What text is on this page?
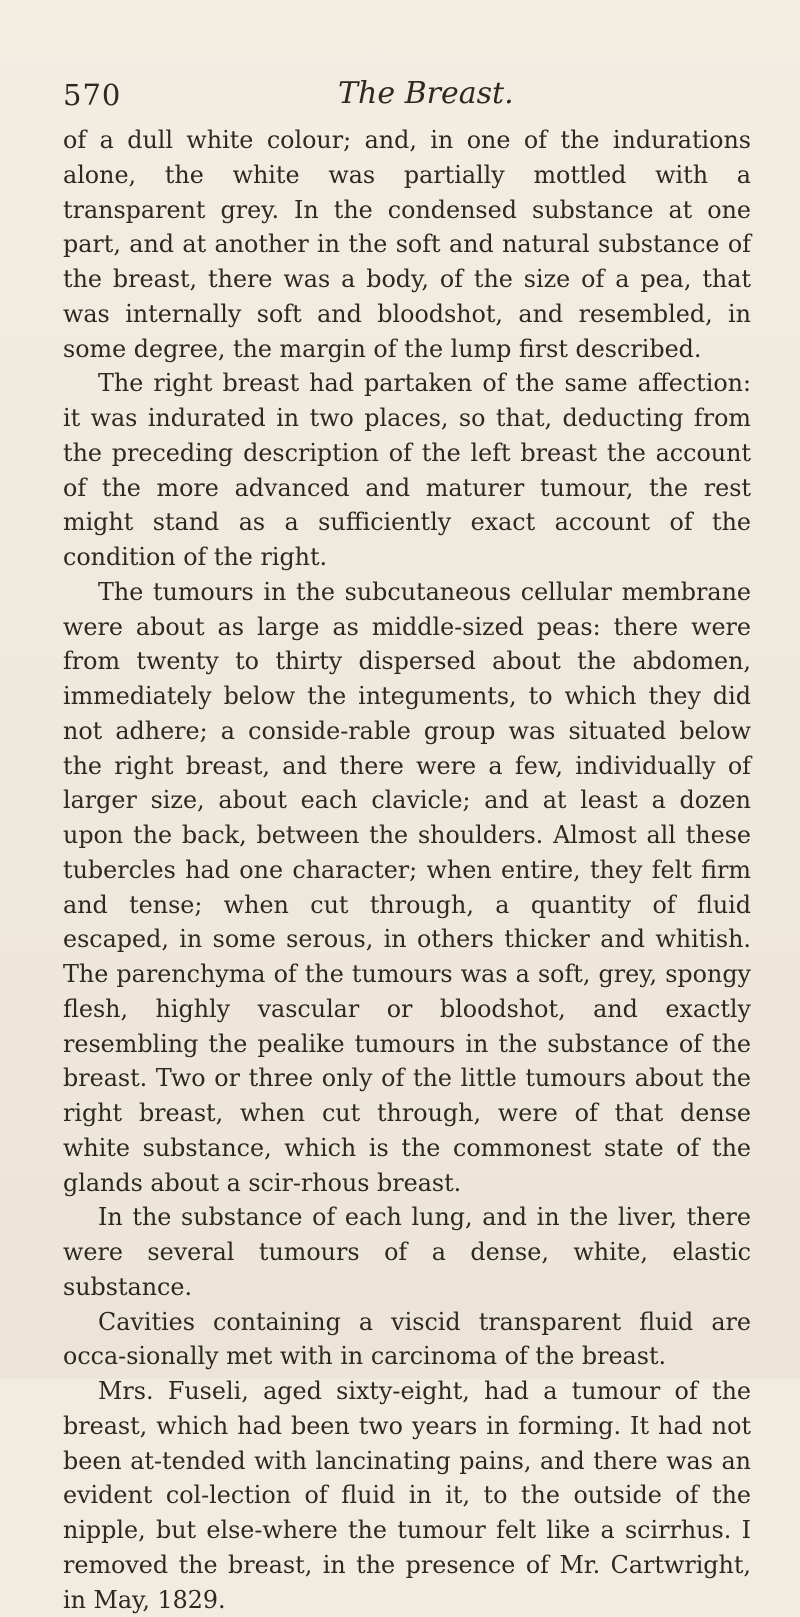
570	The Breast.

of a dull white colour; and, in one of the indurations alone, the white was partially mottled with a transparent grey. In the condensed substance at one part, and at another in the soft and natural substance of the breast, there was a body, of the size of a pea, that was internally soft and bloodshot, and resembled, in some degree, the margin of the lump first described.

The right breast had partaken of the same affection: it was indurated in two places, so that, deducting from the preceding description of the left breast the account of the more advanced and maturer tumour, the rest might stand as a sufficiently exact account of the condition of the right.

The tumours in the subcutaneous cellular membrane were about as large as middle-sized peas: there were from twenty to thirty dispersed about the abdomen, immediately below the integuments, to which they did not adhere; a conside-rable group was situated below the right breast, and there were a few, individually of larger size, about each clavicle; and at least a dozen upon the back, between the shoulders. Almost all these tubercles had one character; when entire, they felt firm and tense; when cut through, a quantity of fluid escaped, in some serous, in others thicker and whitish. The parenchyma of the tumours was a soft, grey, spongy flesh, highly vascular or bloodshot, and exactly resembling the pealike tumours in the substance of the breast. Two or three only of the little tumours about the right breast, when cut through, were of that dense white substance, which is the commonest state of the glands about a scir-rhous breast.

In the substance of each lung, and in the liver, there were several tumours of a dense, white, elastic substance.

Cavities containing a viscid transparent fluid are occa-sionally met with in carcinoma of the breast.

Mrs. Fuseli, aged sixty-eight, had a tumour of the breast, which had been two years in forming. It had not been at-tended with lancinating pains, and there was an evident col-lection of fluid in it, to the outside of the nipple, but else-where the tumour felt like a scirrhus. I removed the breast, in the presence of Mr. Cartwright, in May, 1829.
